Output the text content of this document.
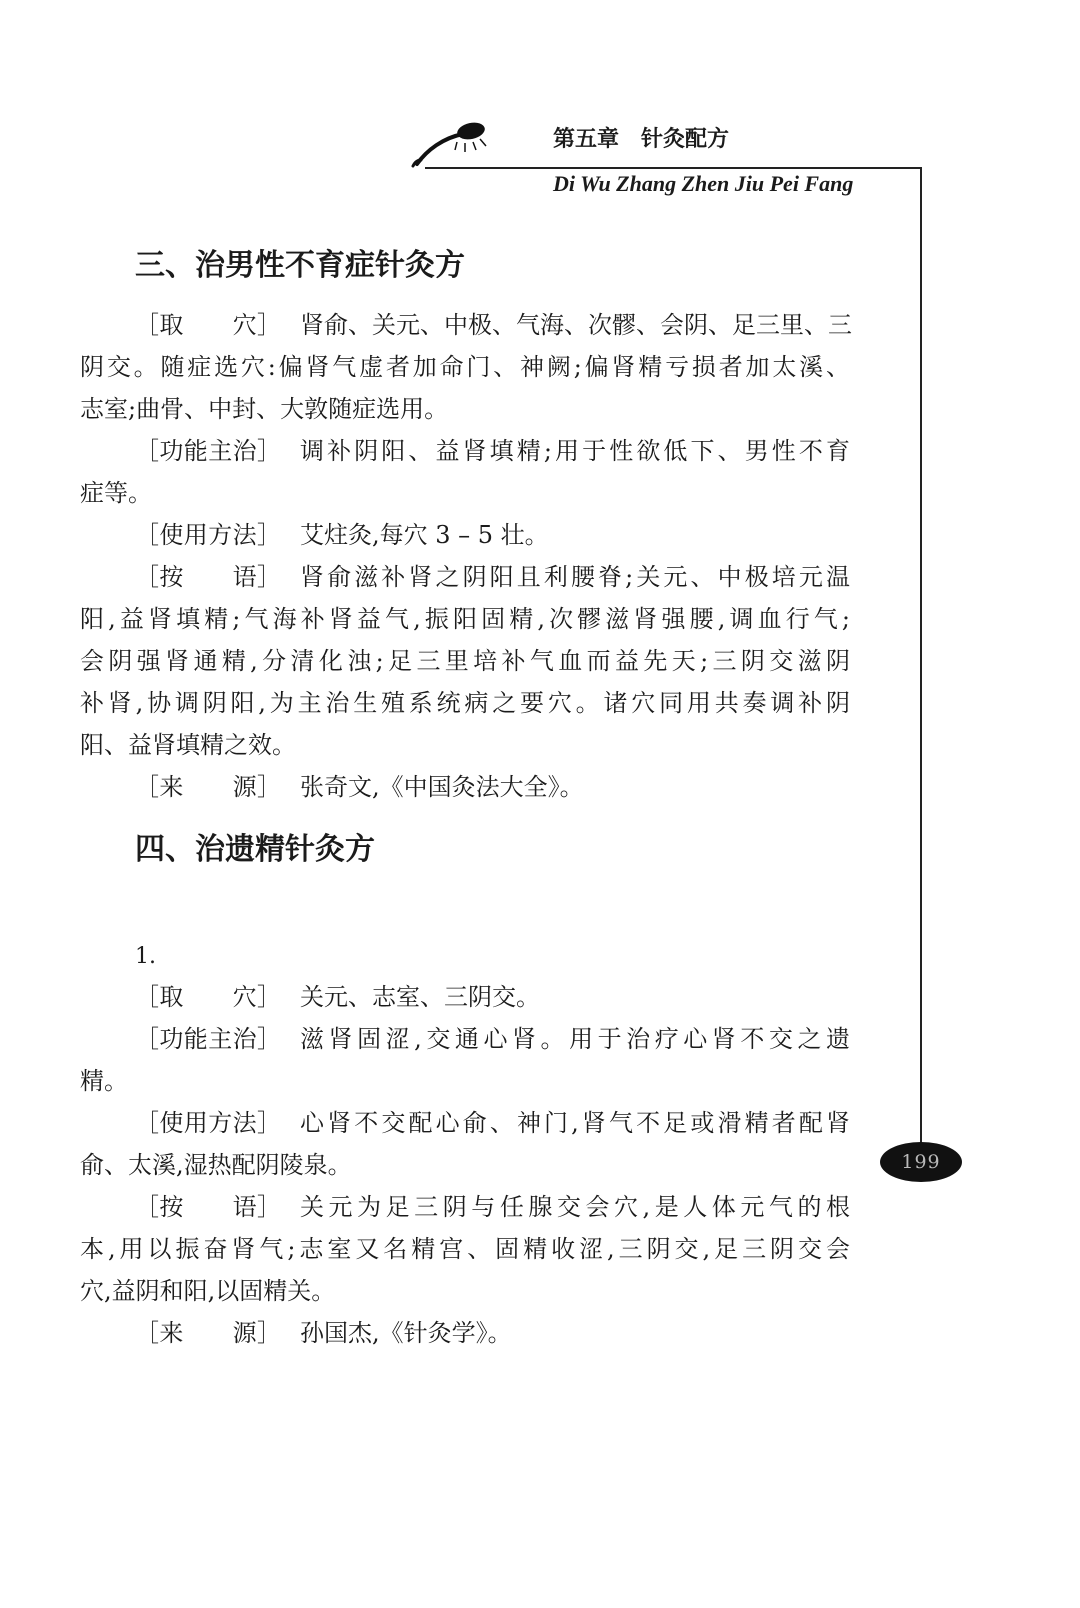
第五章　针灸配方
Di Wu Zhang Zhen Jiu Pei Fang
199
三、治男性不育症针灸方
［取　　穴］ 肾俞、关元、中极、气海、次髎、会阴、足三里、三
阴交。随症选穴:偏肾气虚者加命门、神阙;偏肾精亏损者加太溪、
志室;曲骨、中封、大敦随症选用。
［功能主治］ 调补阴阳、益肾填精;用于性欲低下、男性不育
症等。
［使用方法］ 艾炷灸,每穴 3 – 5 壮。
［按　　语］ 肾俞滋补肾之阴阳且利腰脊;关元、中极培元温
阳,益肾填精;气海补肾益气,振阳固精,次髎滋肾强腰,调血行气;
会阴强肾通精,分清化浊;足三里培补气血而益先天;三阴交滋阴
补肾,协调阴阳,为主治生殖系统病之要穴。诸穴同用共奏调补阴
阳、益肾填精之效。
［来　　源］ 张奇文,《中国灸法大全》。
四、治遗精针灸方
1.
［取　　穴］ 关元、志室、三阴交。
［功能主治］ 滋肾固涩,交通心肾。用于治疗心肾不交之遗
精。
［使用方法］ 心肾不交配心俞、神门,肾气不足或滑精者配肾
俞、太溪,湿热配阴陵泉。
［按　　语］ 关元为足三阴与任腺交会穴,是人体元气的根
本,用以振奋肾气;志室又名精宫、固精收涩,三阴交,足三阴交会
穴,益阴和阳,以固精关。
［来　　源］ 孙国杰,《针灸学》。
